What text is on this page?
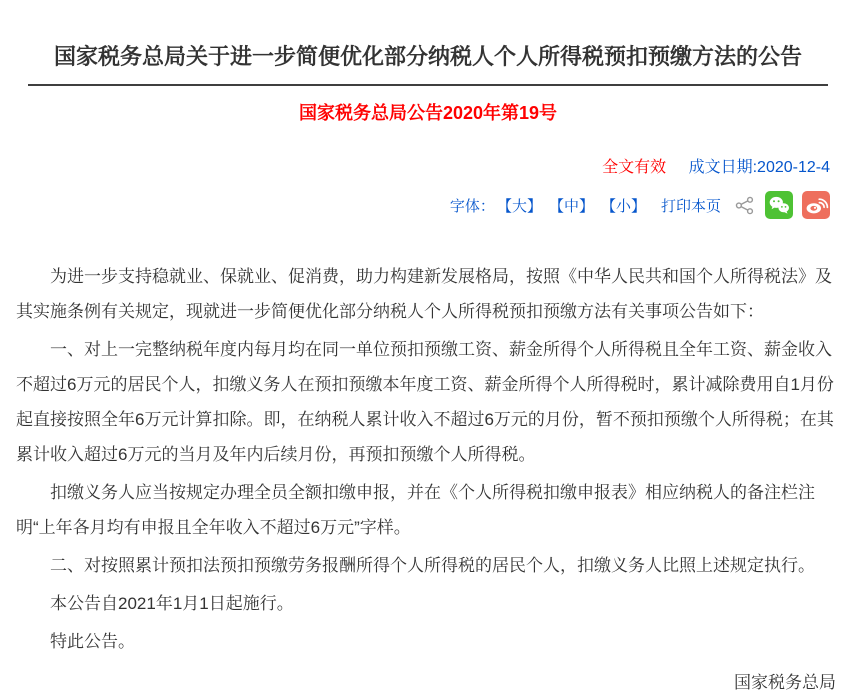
国家税务总局关于进一步简便优化部分纳税人个人所得税预扣预缴方法的公告
国家税务总局公告2020年第19号
全文有效 成文日期:2020-12-4
字体： 【大】 【中】 【小】 打印本页

为进一步支持稳就业、保就业、促消费，助力构建新发展格局，按照《中华人民共和国个人所得税法》及其实施条例有关规定，现就进一步简便优化部分纳税人个人所得税预扣预缴方法有关事项公告如下：

一、对上一完整纳税年度内每月均在同一单位预扣预缴工资、薪金所得个人所得税且全年工资、薪金收入不超过6万元的居民个人，扣缴义务人在预扣预缴本年度工资、薪金所得个人所得税时，累计减除费用自1月份起直接按照全年6万元计算扣除。即，在纳税人累计收入不超过6万元的月份，暂不预扣预缴个人所得税；在其累计收入超过6万元的当月及年内后续月份，再预扣预缴个人所得税。

扣缴义务人应当按规定办理全员全额扣缴申报，并在《个人所得税扣缴申报表》相应纳税人的备注栏注明“上年各月均有申报且全年收入不超过6万元”字样。

二、对按照累计预扣法预扣预缴劳务报酬所得个人所得税的居民个人，扣缴义务人比照上述规定执行。

本公告自2021年1月1日起施行。

特此公告。

国家税务总局
